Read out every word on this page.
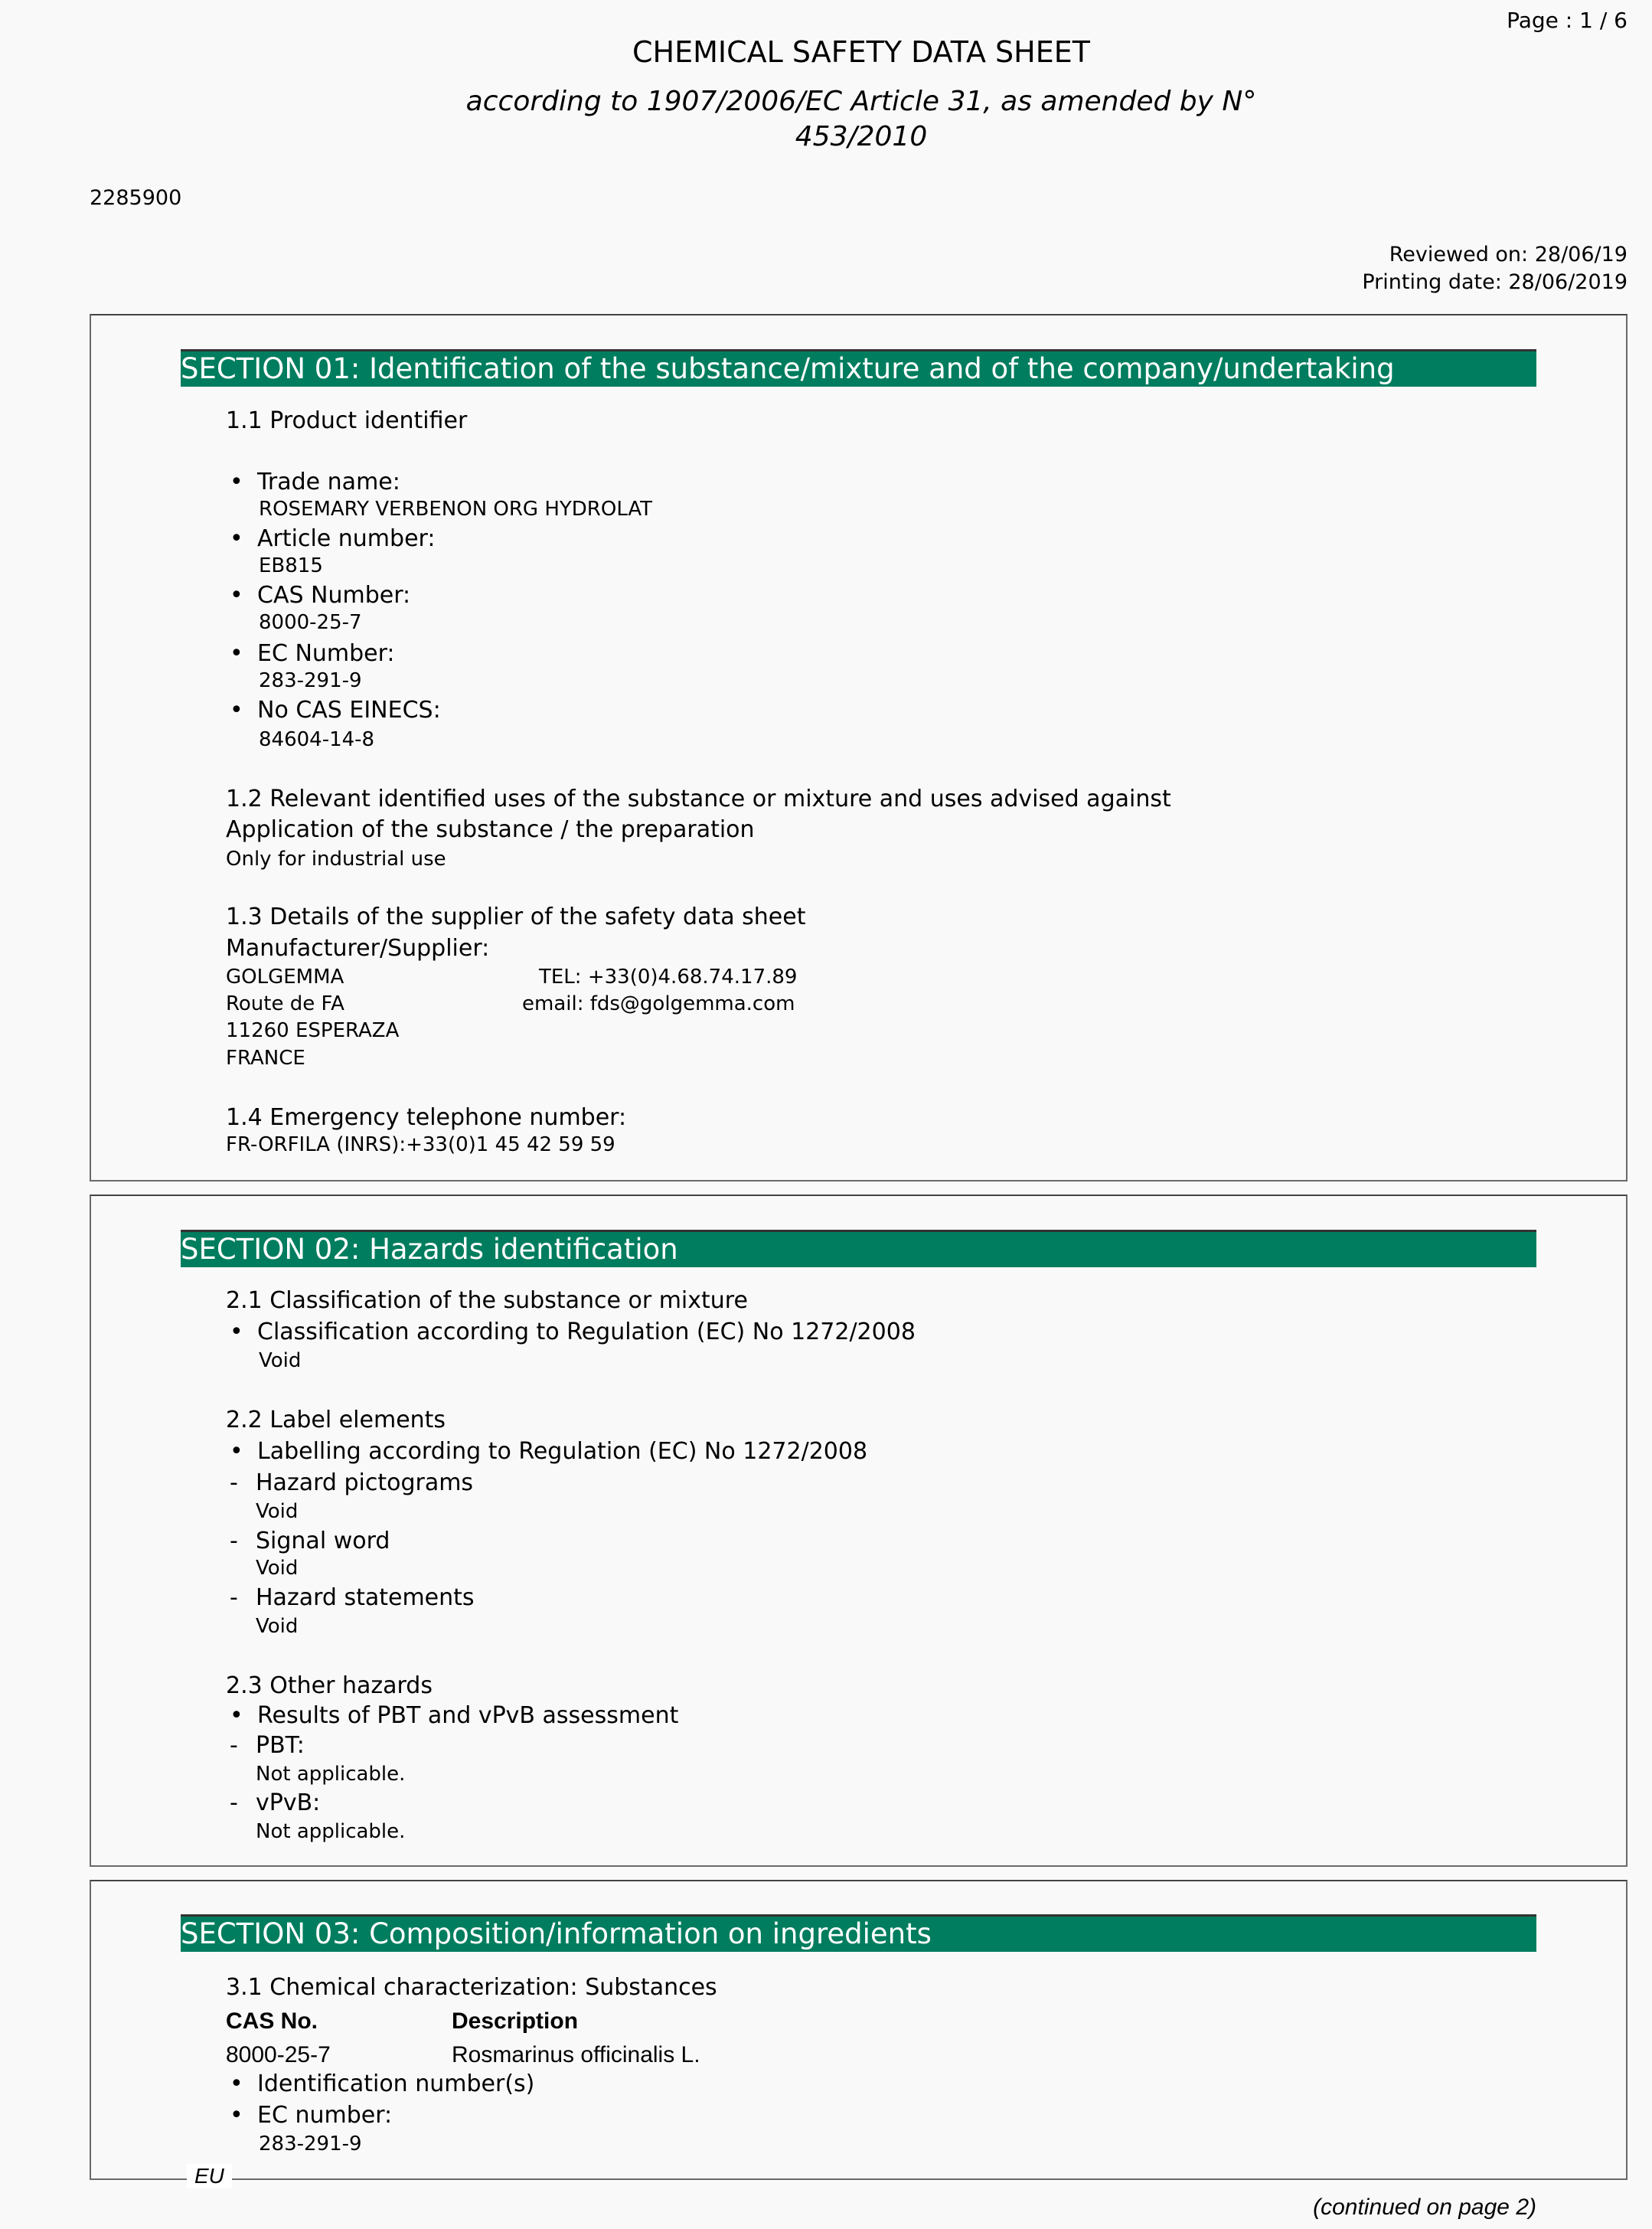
Page : 1 / 6
CHEMICAL SAFETY DATA SHEET
according to 1907/2006/EC Article 31, as amended by N°
453/2010
2285900
Reviewed on: 28/06/19
Printing date: 28/06/2019
SECTION 01: Identification of the substance/mixture and of the company/undertaking
1.1 Product identifier
• Trade name:
ROSEMARY VERBENON ORG HYDROLAT
• Article number:
EB815
• CAS Number:
8000-25-7
• EC Number:
283-291-9
• No CAS EINECS:
84604-14-8
1.2 Relevant identified uses of the substance or mixture and uses advised against
Application of the substance / the preparation
Only for industrial use
1.3 Details of the supplier of the safety data sheet
Manufacturer/Supplier:
GOLGEMMA	TEL: +33(0)4.68.74.17.89
Route de FA	email: fds@golgemma.com
11260 ESPERAZA
FRANCE
1.4 Emergency telephone number:
FR-ORFILA (INRS):+33(0)1 45 42 59 59
SECTION 02: Hazards identification
2.1 Classification of the substance or mixture
• Classification according to Regulation (EC) No 1272/2008
Void
2.2 Label elements
• Labelling according to Regulation (EC) No 1272/2008
- Hazard pictograms
Void
- Signal word
Void
- Hazard statements
Void
2.3 Other hazards
• Results of PBT and vPvB assessment
- PBT:
Not applicable.
- vPvB:
Not applicable.
SECTION 03: Composition/information on ingredients
3.1 Chemical characterization: Substances
CAS No.	Description
8000-25-7	Rosmarinus officinalis L.
• Identification number(s)
• EC number:
283-291-9
EU
(continued on page 2)
